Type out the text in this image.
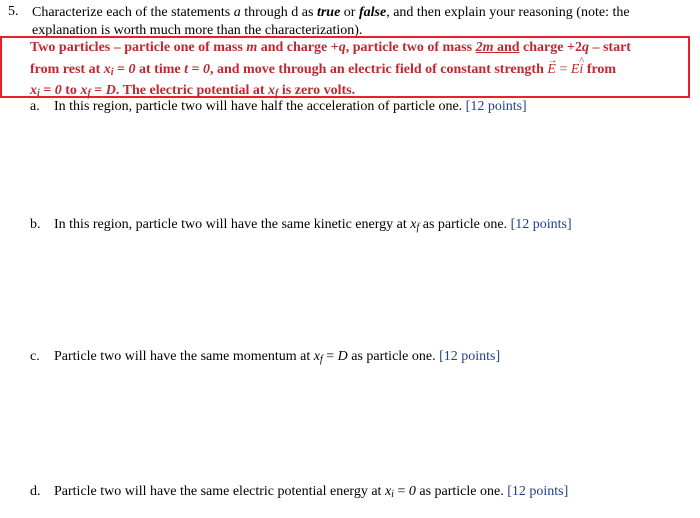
5. Characterize each of the statements a through d as true or false, and then explain your reasoning (note: the
explanation is worth much more than the characterization).
Two particles – particle one of mass m and charge +q, particle two of mass 2m and charge +2q – start
from rest at $x_i = 0$ at time t = 0, and move through an electric field of constant strength → E = E^ i from
$x_i = 0$ to $x_f = D$. The electric potential at $x_f$ is zero volts.
a. In this region, particle two will have half the acceleration of particle one. [12 points]
b. In this region, particle two will have the same kinetic energy at $x_f$ as particle one. [12 points]
c. Particle two will have the same momentum at $x_f = D$ as particle one. [12 points]
d. Particle two will have the same electric potential energy at $x_i = 0$ as particle one. [12 points]
